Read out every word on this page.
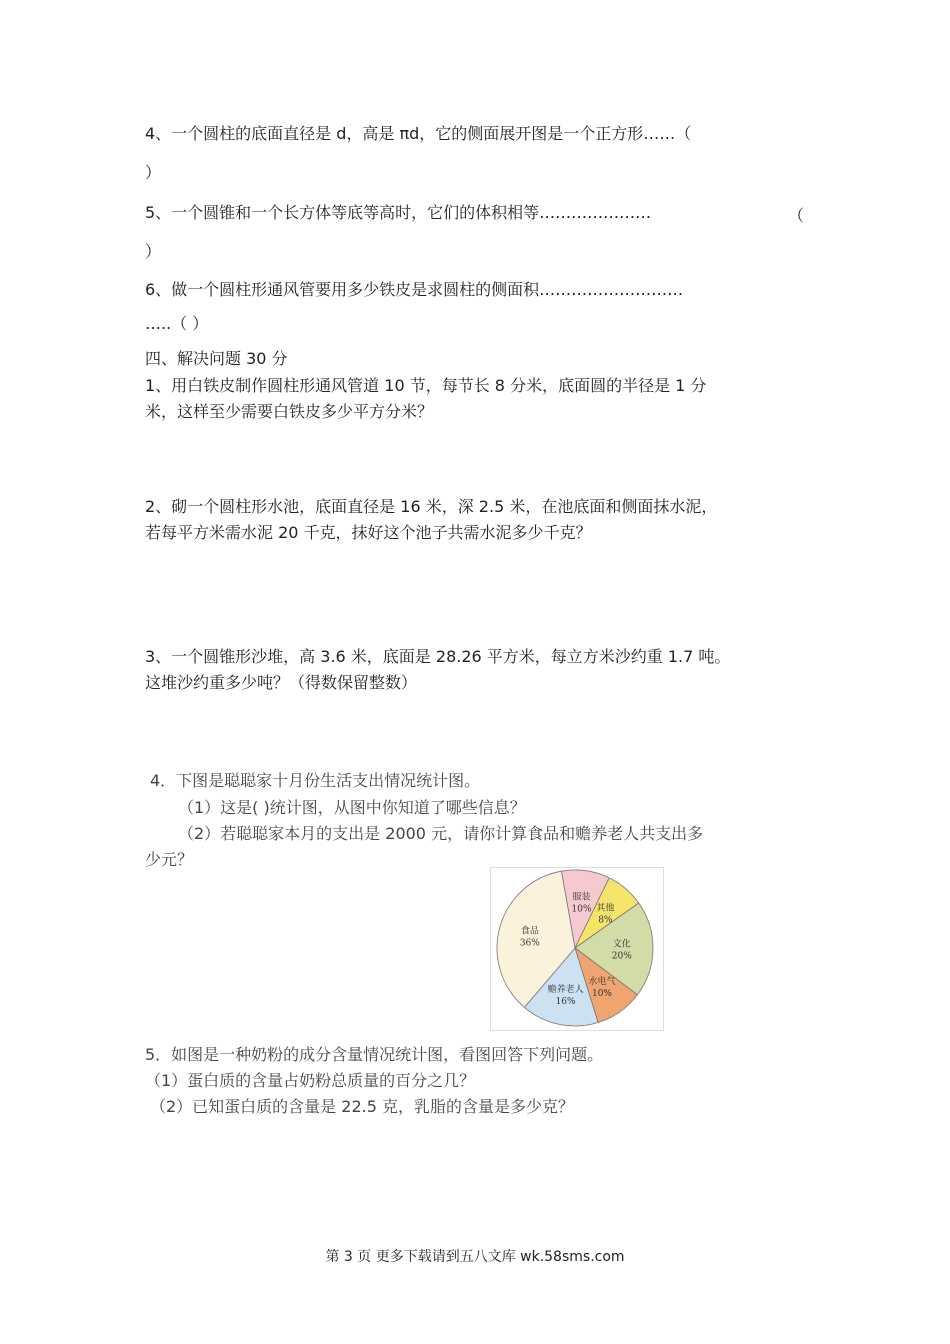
4、一个圆柱的底面直径是 d，高是 πd，它的侧面展开图是一个正方形……（
）
5、一个圆锥和一个长方体等底等高时，它们的体积相等…………………	（
）
6、做一个圆柱形通风管要用多少铁皮是求圆柱的侧面积………………………
…..（ ）
四、解决问题 30 分
1、用白铁皮制作圆柱形通风管道 10 节，每节长 8 分米，底面圆的半径是 1 分
米，这样至少需要白铁皮多少平方分米？
2、砌一个圆柱形水池，底面直径是 16 米，深 2.5 米，在池底面和侧面抹水泥，
若每平方米需水泥 20 千克，抹好这个池子共需水泥多少千克？
3、一个圆锥形沙堆，高 3.6 米，底面是 28.26 平方米，每立方米沙约重 1.7 吨。
这堆沙约重多少吨？（得数保留整数）
4．下图是聪聪家十月份生活支出情况统计图。
（1）这是( )统计图，从图中你知道了哪些信息？
（2）若聪聪家本月的支出是 2000 元，请你计算食品和赡养老人共支出多
少元？
服装
10% 其他
8%
文化
20%
水电气
10%
赡养老人
16%
食品
36%
5．如图是一种奶粉的成分含量情况统计图，看图回答下列问题。
（1）蛋白质的含量占奶粉总质量的百分之几？
（2）已知蛋白质的含量是 22.5 克，乳脂的含量是多少克？
第 3 页 更多下载请到五八文库 wk.58sms.com
